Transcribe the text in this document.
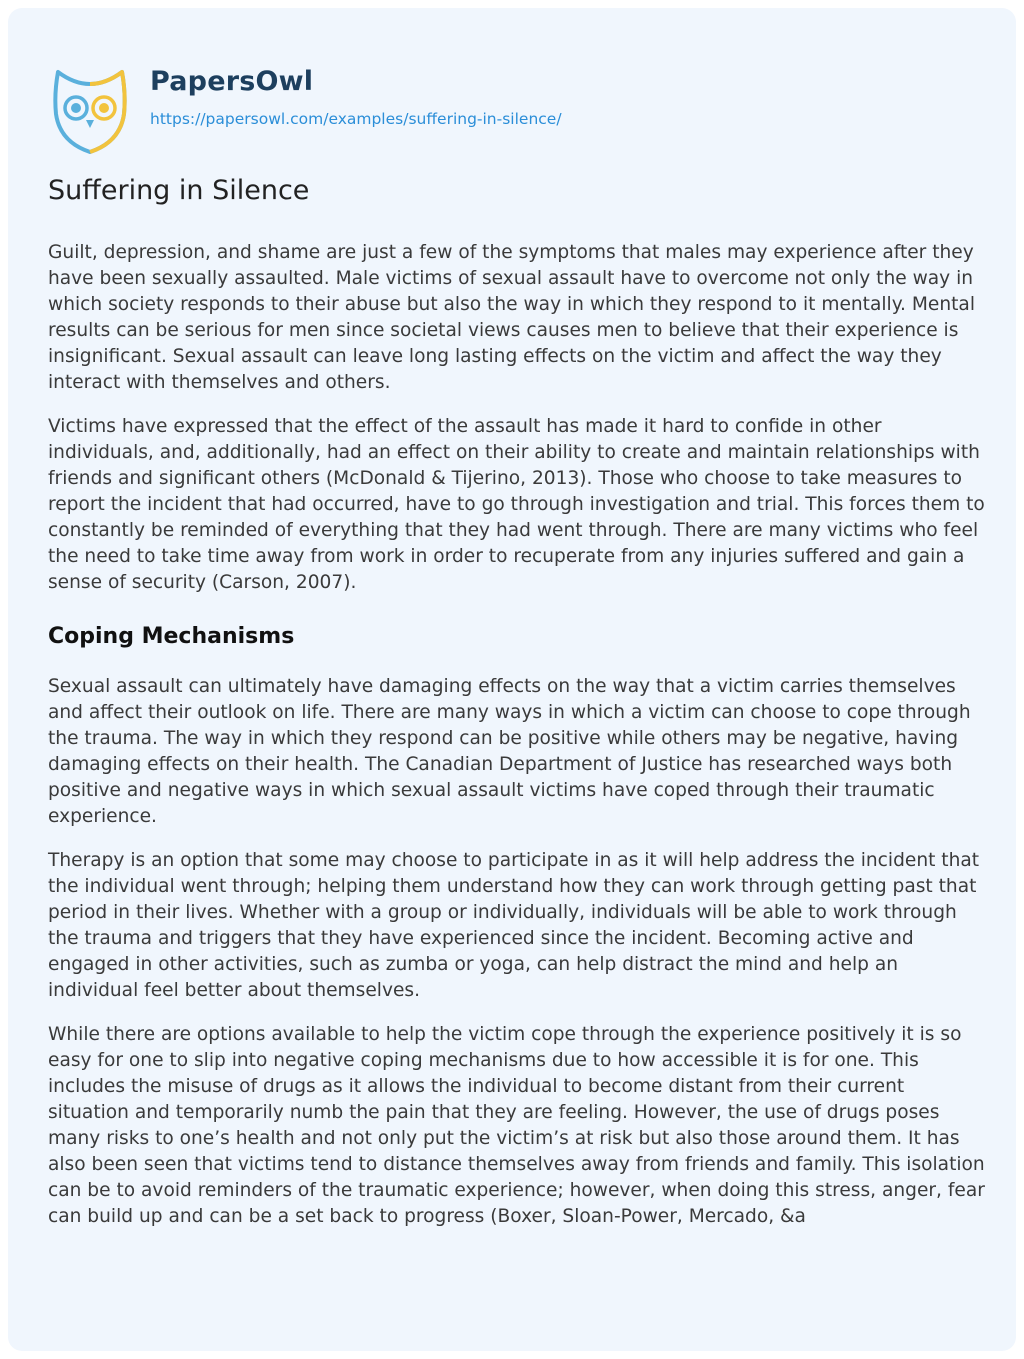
PapersOwl
https://papersowl.com/examples/suffering-in-silence/
Suffering in Silence

Guilt, depression, and shame are just a few of the symptoms that males may experience after they have been sexually assaulted. Male victims of sexual assault have to overcome not only the way in which society responds to their abuse but also the way in which they respond to it mentally. Mental results can be serious for men since societal views causes men to believe that their experience is insignificant. Sexual assault can leave long lasting effects on the victim and affect the way they interact with themselves and others.

Victims have expressed that the effect of the assault has made it hard to confide in other individuals, and, additionally, had an effect on their ability to create and maintain relationships with friends and significant others (McDonald & Tijerino, 2013). Those who choose to take measures to report the incident that had occurred, have to go through investigation and trial. This forces them to constantly be reminded of everything that they had went through. There are many victims who feel the need to take time away from work in order to recuperate from any injuries suffered and gain a sense of security (Carson, 2007).

Coping Mechanisms

Sexual assault can ultimately have damaging effects on the way that a victim carries themselves and affect their outlook on life. There are many ways in which a victim can choose to cope through the trauma. The way in which they respond can be positive while others may be negative, having damaging effects on their health. The Canadian Department of Justice has researched ways both positive and negative ways in which sexual assault victims have coped through their traumatic experience.

Therapy is an option that some may choose to participate in as it will help address the incident that the individual went through; helping them understand how they can work through getting past that period in their lives. Whether with a group or individually, individuals will be able to work through the trauma and triggers that they have experienced since the incident. Becoming active and engaged in other activities, such as zumba or yoga, can help distract the mind and help an individual feel better about themselves.

While there are options available to help the victim cope through the experience positively it is so easy for one to slip into negative coping mechanisms due to how accessible it is for one. This includes the misuse of drugs as it allows the individual to become distant from their current situation and temporarily numb the pain that they are feeling. However, the use of drugs poses many risks to one’s health and not only put the victim’s at risk but also those around them. It has also been seen that victims tend to distance themselves away from friends and family. This isolation can be to avoid reminders of the traumatic experience; however, when doing this stress, anger, fear can build up and can be a set back to progress (Boxer, Sloan-Power, Mercado, &a
